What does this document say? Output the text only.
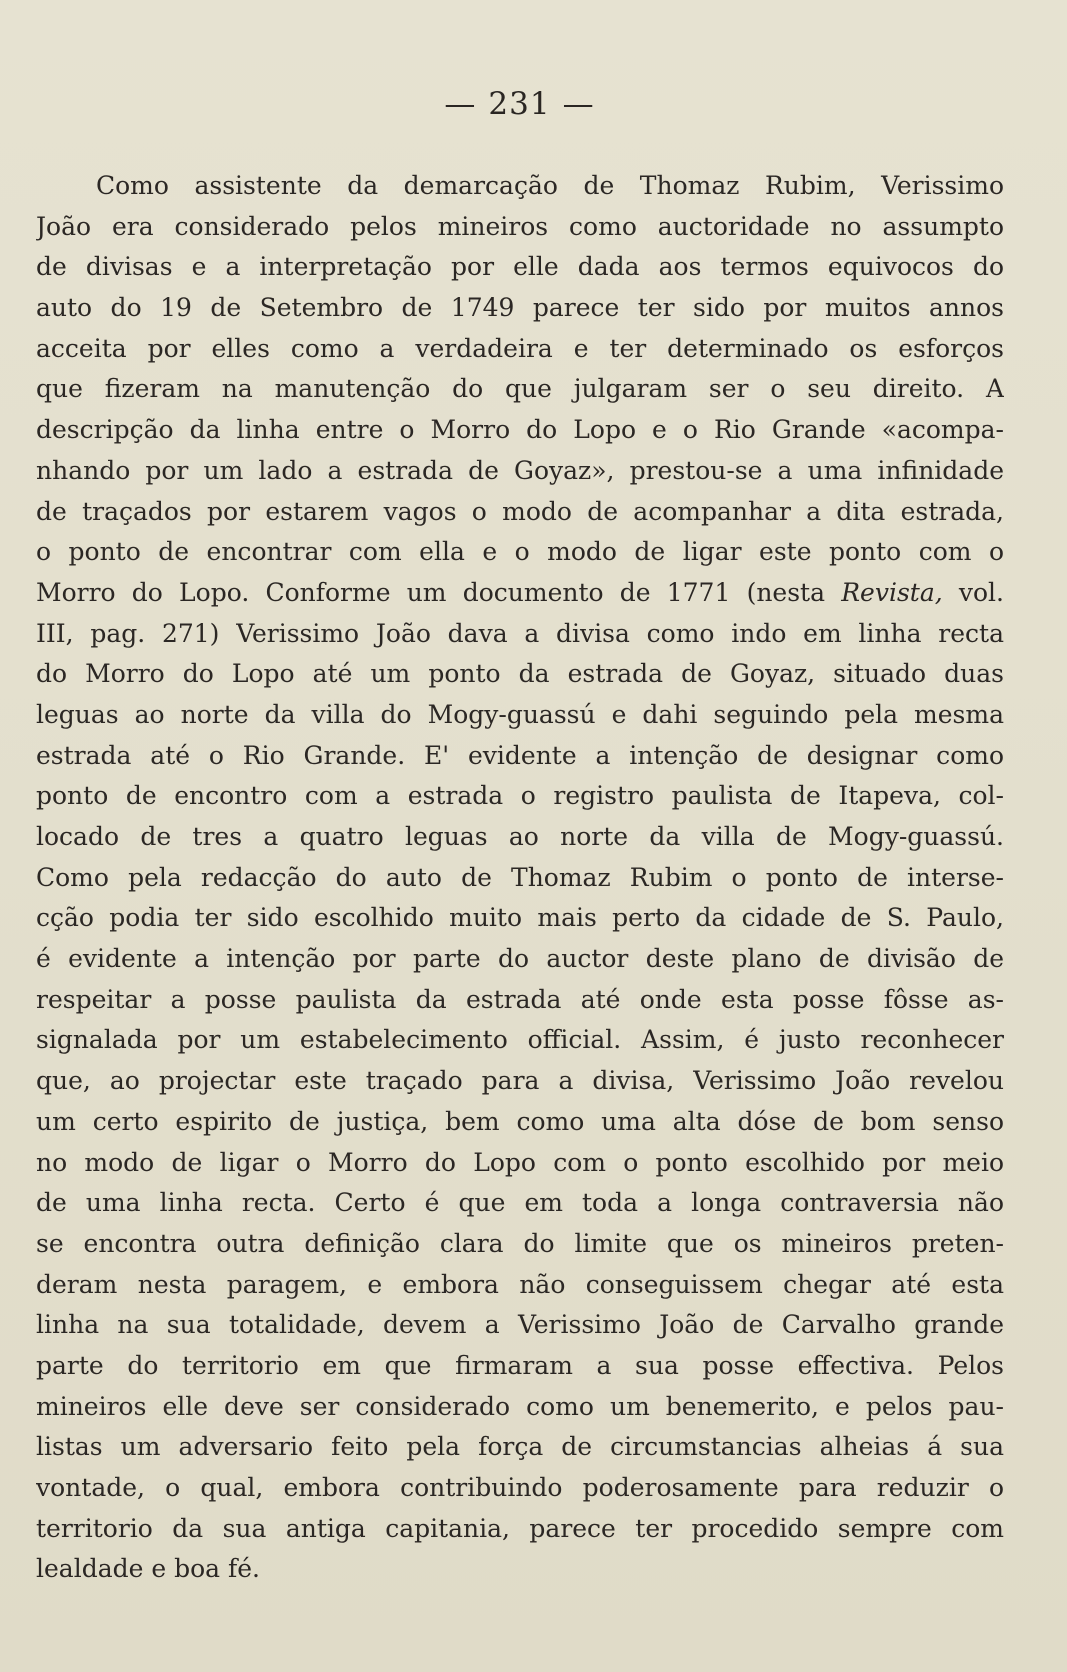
— 231 —
Como assistente da demarcação de Thomaz Rubim, Verissimo
João era considerado pelos mineiros como auctoridade no assumpto
de divisas e a interpretação por elle dada aos termos equivocos do
auto do 19 de Setembro de 1749 parece ter sido por muitos annos
acceita por elles como a verdadeira e ter determinado os esforços
que fizeram na manutenção do que julgaram ser o seu direito. A
descripção da linha entre o Morro do Lopo e o Rio Grande «acompa-
nhando por um lado a estrada de Goyaz», prestou-se a uma infinidade
de traçados por estarem vagos o modo de acompanhar a dita estrada,
o ponto de encontrar com ella e o modo de ligar este ponto com o
Morro do Lopo. Conforme um documento de 1771 (nesta Revista, vol.
III, pag. 271) Verissimo João dava a divisa como indo em linha recta
do Morro do Lopo até um ponto da estrada de Goyaz, situado duas
leguas ao norte da villa do Mogy-guassú e dahi seguindo pela mesma
estrada até o Rio Grande. E' evidente a intenção de designar como
ponto de encontro com a estrada o registro paulista de Itapeva, col-
locado de tres a quatro leguas ao norte da villa de Mogy-guassú.
Como pela redacção do auto de Thomaz Rubim o ponto de interse-
cção podia ter sido escolhido muito mais perto da cidade de S. Paulo,
é evidente a intenção por parte do auctor deste plano de divisão de
respeitar a posse paulista da estrada até onde esta posse fôsse as-
signalada por um estabelecimento official. Assim, é justo reconhecer
que, ao projectar este traçado para a divisa, Verissimo João revelou
um certo espirito de justiça, bem como uma alta dóse de bom senso
no modo de ligar o Morro do Lopo com o ponto escolhido por meio
de uma linha recta. Certo é que em toda a longa contraversia não
se encontra outra definição clara do limite que os mineiros preten-
deram nesta paragem, e embora não conseguissem chegar até esta
linha na sua totalidade, devem a Verissimo João de Carvalho grande
parte do territorio em que firmaram a sua posse effectiva. Pelos
mineiros elle deve ser considerado como um benemerito, e pelos pau-
listas um adversario feito pela força de circumstancias alheias á sua
vontade, o qual, embora contribuindo poderosamente para reduzir o
territorio da sua antiga capitania, parece ter procedido sempre com
lealdade e boa fé.
